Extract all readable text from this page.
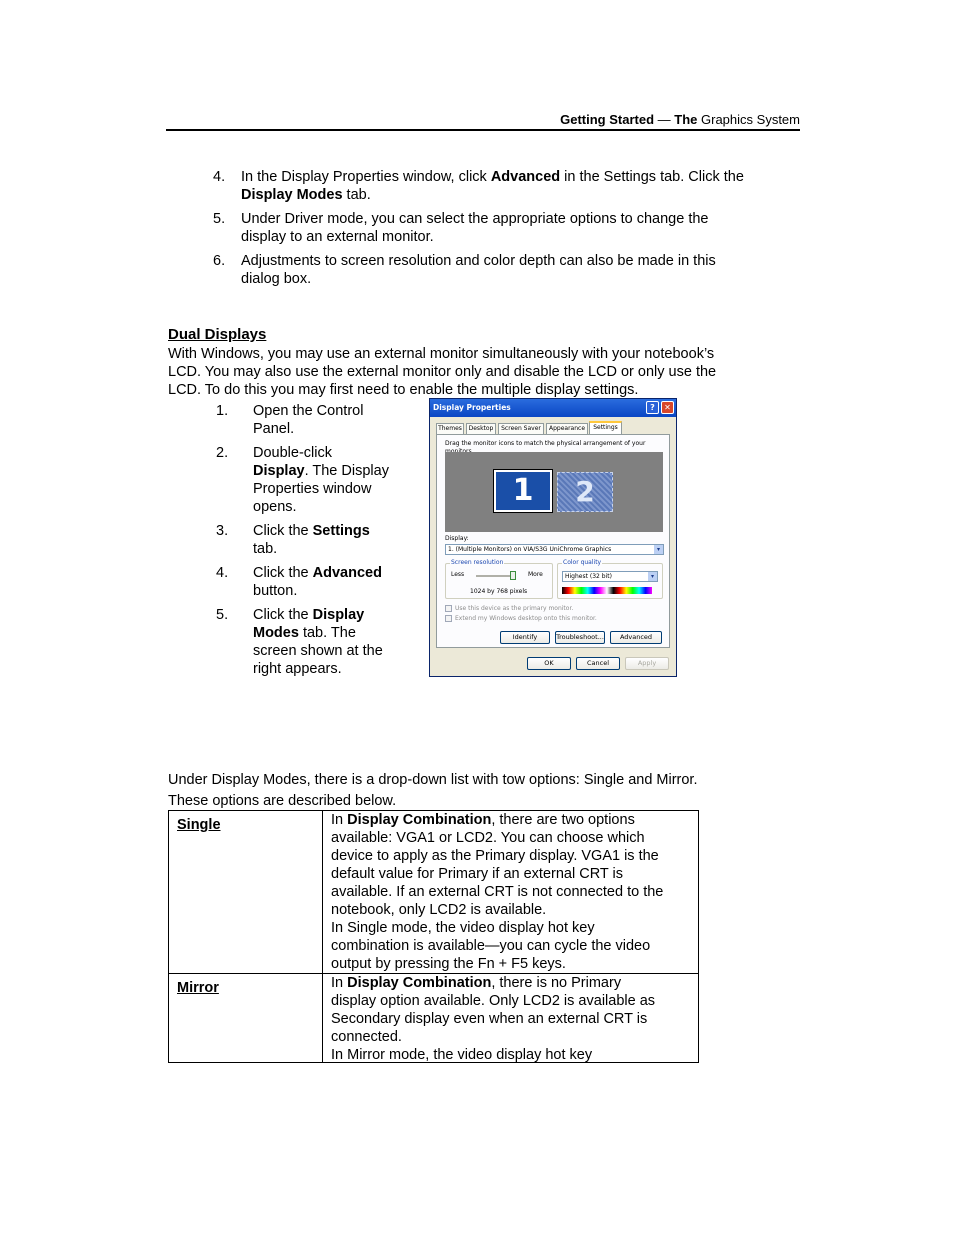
Getting Started — The Graphics System
4. In the Display Properties window, click Advanced in the Settings tab. Click the
Display Modes tab.
5. Under Driver mode, you can select the appropriate options to change the
display to an external monitor.
6. Adjustments to screen resolution and color depth can also be made in this
dialog box.
Dual Displays
With Windows, you may use an external monitor simultaneously with your notebook’s
LCD. You may also use the external monitor only and disable the LCD or only use the
LCD. To do this you may first need to enable the multiple display settings.
1. Open the Control
Panel.
2. Double-click
Display. The Display
Properties window
opens.
3. Click the Settings
tab.
4. Click the Advanced
button.
5. Click the Display
Modes tab. The
screen shown at the
right appears.
Display Properties	?	✕
Themes	Desktop	Screen Saver	Appearance	Settings
Drag the monitor icons to match the physical arrangement of your
1	2
Display:
1. (Multiple Monitors) on VIA/S3G UniChrome Graphics	▾
Screen resolution
Less	More
1024 by 768 pixels
Color quality
Highest (32 bit)	▾
Use this device as the primary monitor.
Extend my Windows desktop onto this monitor.
Identify	Troubleshoot...	Advanced
OK	Cancel	Apply
Under Display Modes, there is a drop-down list with tow options: Single and Mirror.
These options are described below.
Single	In Display Combination, there are two options

available: VGA1 or LCD2. You can choose which

device to apply as the Primary display. VGA1 is the

default value for Primary if an external CRT is

available. If an external CRT is not connected to the

notebook, only LCD2 is available.

In Single mode, the video display hot key

combination is available—you can cycle the video

output by pressing the Fn + F5 keys.

Mirror	In Display Combination, there is no Primary

display option available. Only LCD2 is available as

Secondary display even when an external CRT is

connected.

In Mirror mode, the video display hot key
